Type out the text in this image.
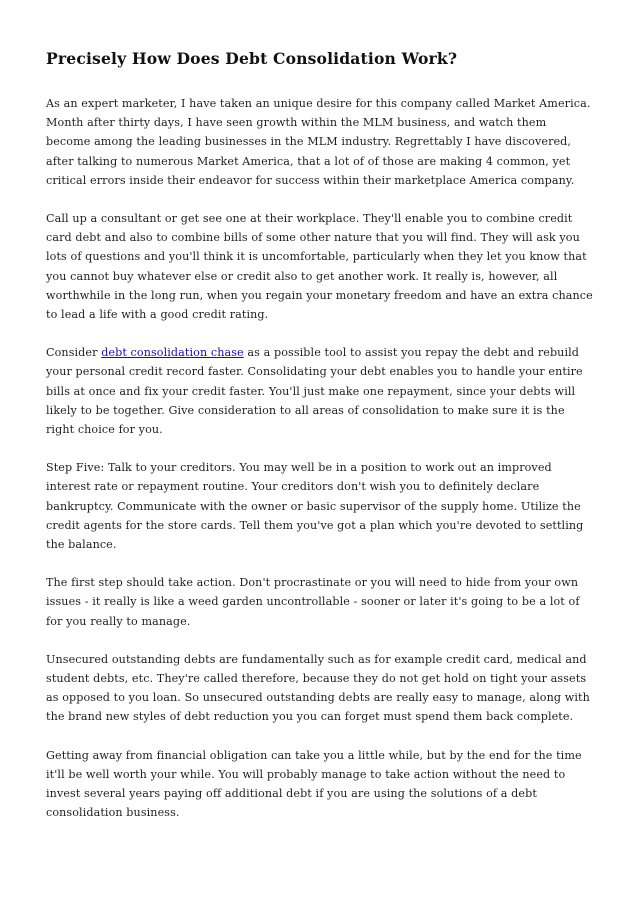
Precisely How Does Debt Consolidation Work?

As an expert marketer, I have taken an unique desire for this company called Market America. Month after thirty days, I have seen growth within the MLM business, and watch them become among the leading businesses in the MLM industry. Regrettably I have discovered, after talking to numerous Market America, that a lot of of those are making 4 common, yet critical errors inside their endeavor for success within their marketplace America company.

Call up a consultant or get see one at their workplace. They'll enable you to combine credit card debt and also to combine bills of some other nature that you will find. They will ask you lots of questions and you'll think it is uncomfortable, particularly when they let you know that you cannot buy whatever else or credit also to get another work. It really is, however, all worthwhile in the long run, when you regain your monetary freedom and have an extra chance to lead a life with a good credit rating.

Consider debt consolidation chase as a possible tool to assist you repay the debt and rebuild your personal credit record faster. Consolidating your debt enables you to handle your entire bills at once and fix your credit faster. You'll just make one repayment, since your debts will likely to be together. Give consideration to all areas of consolidation to make sure it is the right choice for you.

Step Five: Talk to your creditors. You may well be in a position to work out an improved interest rate or repayment routine. Your creditors don't wish you to definitely declare bankruptcy. Communicate with the owner or basic supervisor of the supply home. Utilize the credit agents for the store cards. Tell them you've got a plan which you're devoted to settling the balance.

The first step should take action. Don't procrastinate or you will need to hide from your own issues - it really is like a weed garden uncontrollable - sooner or later it's going to be a lot of for you really to manage.

Unsecured outstanding debts are fundamentally such as for example credit card, medical and student debts, etc. They're called therefore, because they do not get hold on tight your assets as opposed to you loan. So unsecured outstanding debts are really easy to manage, along with the brand new styles of debt reduction you you can forget must spend them back complete.

Getting away from financial obligation can take you a little while, but by the end for the time it'll be well worth your while. You will probably manage to take action without the need to invest several years paying off additional debt if you are using the solutions of a debt consolidation business.
